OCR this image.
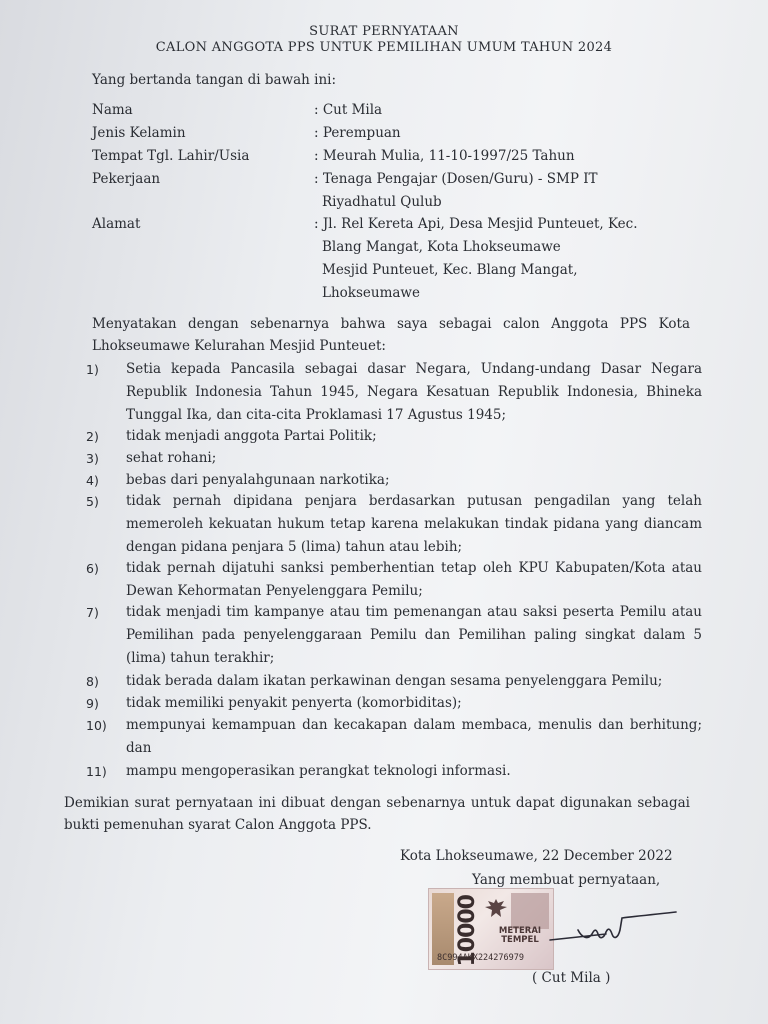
SURAT PERNYATAAN
CALON ANGGOTA PPS UNTUK PEMILIHAN UMUM TAHUN 2024
Yang bertanda tangan di bawah ini:
Nama	: Cut Mila
Jenis Kelamin	: Perempuan
Tempat Tgl. Lahir/Usia	: Meurah Mulia, 11-10-1997/25 Tahun
Pekerjaan	: Tenaga Pengajar (Dosen/Guru) - SMP IT
Riyadhatul Qulub
Alamat	: Jl. Rel Kereta Api, Desa Mesjid Punteuet, Kec.
Blang Mangat, Kota Lhokseumawe
Mesjid Punteuet, Kec. Blang Mangat,
Lhokseumawe
Menyatakan dengan sebenarnya bahwa saya sebagai calon Anggota PPS Kota Lhokseumawe Kelurahan Mesjid Punteuet:
1) Setia kepada Pancasila sebagai dasar Negara, Undang-undang Dasar Negara Republik Indonesia Tahun 1945, Negara Kesatuan Republik Indonesia, Bhineka Tunggal Ika, dan cita-cita Proklamasi 17 Agustus 1945;
2) tidak menjadi anggota Partai Politik;
3) sehat rohani;
4) bebas dari penyalahgunaan narkotika;
5) tidak pernah dipidana penjara berdasarkan putusan pengadilan yang telah memeroleh kekuatan hukum tetap karena melakukan tindak pidana yang diancam dengan pidana penjara 5 (lima) tahun atau lebih;
6) tidak pernah dijatuhi sanksi pemberhentian tetap oleh KPU Kabupaten/Kota atau Dewan Kehormatan Penyelenggara Pemilu;
7) tidak menjadi tim kampanye atau tim pemenangan atau saksi peserta Pemilu atau Pemilihan pada penyelenggaraan Pemilu dan Pemilihan paling singkat dalam 5 (lima) tahun terakhir;
8) tidak berada dalam ikatan perkawinan dengan sesama penyelenggara Pemilu;
9) tidak memiliki penyakit penyerta (komorbiditas);
10) mempunyai kemampuan dan kecakapan dalam membaca, menulis dan berhitung; dan
11) mampu mengoperasikan perangkat teknologi informasi.
Demikian surat pernyataan ini dibuat dengan sebenarnya untuk dapat digunakan sebagai bukti pemenuhan syarat Calon Anggota PPS.
Kota Lhokseumawe, 22 December 2022
Yang membuat pernyataan,
10000	METERAI TEMPEL
8C994AKX224276979
( Cut Mila )
